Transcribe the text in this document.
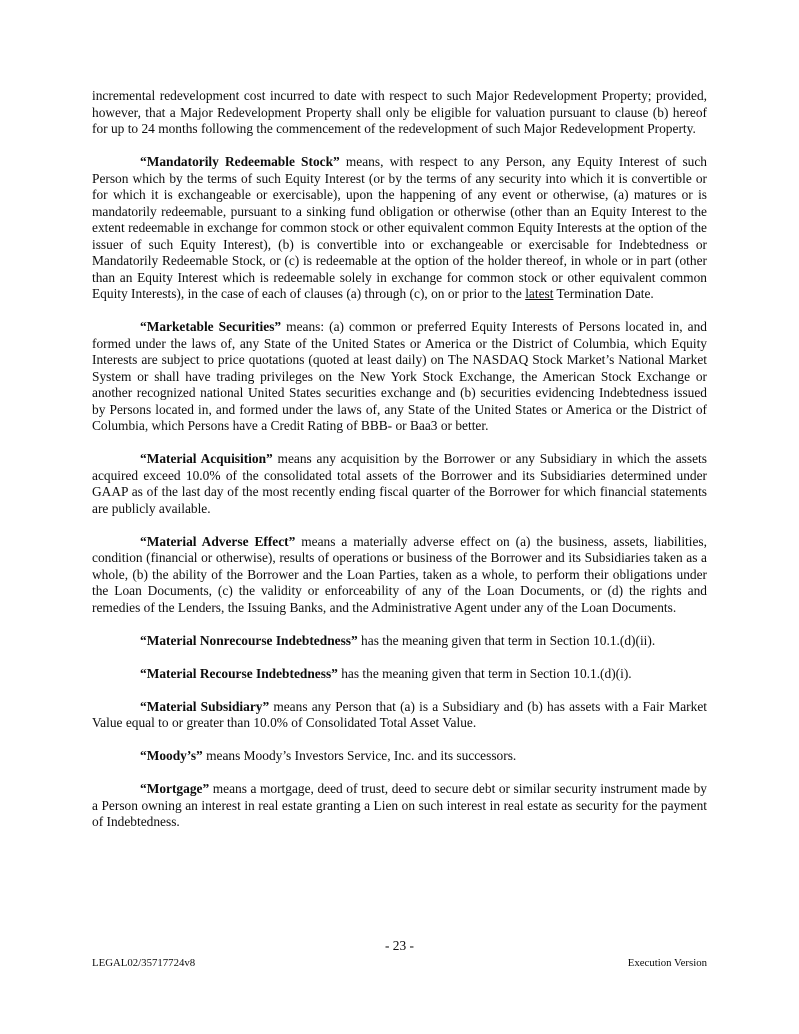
incremental redevelopment cost incurred to date with respect to such Major Redevelopment Property; provided, however, that a Major Redevelopment Property shall only be eligible for valuation pursuant to clause (b) hereof for up to 24 months following the commencement of the redevelopment of such Major Redevelopment Property.

“Mandatorily Redeemable Stock” means, with respect to any Person, any Equity Interest of such Person which by the terms of such Equity Interest (or by the terms of any security into which it is convertible or for which it is exchangeable or exercisable), upon the happening of any event or otherwise, (a) matures or is mandatorily redeemable, pursuant to a sinking fund obligation or otherwise (other than an Equity Interest to the extent redeemable in exchange for common stock or other equivalent common Equity Interests at the option of the issuer of such Equity Interest), (b) is convertible into or exchangeable or exercisable for Indebtedness or Mandatorily Redeemable Stock, or (c) is redeemable at the option of the holder thereof, in whole or in part (other than an Equity Interest which is redeemable solely in exchange for common stock or other equivalent common Equity Interests), in the case of each of clauses (a) through (c), on or prior to the latest Termination Date.

“Marketable Securities” means: (a) common or preferred Equity Interests of Persons located in, and formed under the laws of, any State of the United States or America or the District of Columbia, which Equity Interests are subject to price quotations (quoted at least daily) on The NASDAQ Stock Market’s National Market System or shall have trading privileges on the New York Stock Exchange, the American Stock Exchange or another recognized national United States securities exchange and (b) securities evidencing Indebtedness issued by Persons located in, and formed under the laws of, any State of the United States or America or the District of Columbia, which Persons have a Credit Rating of BBB- or Baa3 or better.

“Material Acquisition” means any acquisition by the Borrower or any Subsidiary in which the assets acquired exceed 10.0% of the consolidated total assets of the Borrower and its Subsidiaries determined under GAAP as of the last day of the most recently ending fiscal quarter of the Borrower for which financial statements are publicly available.

“Material Adverse Effect” means a materially adverse effect on (a) the business, assets, liabilities, condition (financial or otherwise), results of operations or business of the Borrower and its Subsidiaries taken as a whole, (b) the ability of the Borrower and the Loan Parties, taken as a whole, to perform their obligations under the Loan Documents, (c) the validity or enforceability of any of the Loan Documents, or (d) the rights and remedies of the Lenders, the Issuing Banks, and the Administrative Agent under any of the Loan Documents.

“Material Nonrecourse Indebtedness” has the meaning given that term in Section 10.1.(d)(ii).

“Material Recourse Indebtedness” has the meaning given that term in Section 10.1.(d)(i).

“Material Subsidiary” means any Person that (a) is a Subsidiary and (b) has assets with a Fair Market Value equal to or greater than 10.0% of Consolidated Total Asset Value.

“Moody’s” means Moody’s Investors Service, Inc. and its successors.

“Mortgage” means a mortgage, deed of trust, deed to secure debt or similar security instrument made by a Person owning an interest in real estate granting a Lien on such interest in real estate as security for the payment of Indebtedness.

- 23 -
LEGAL02/35717724v8	Execution Version
